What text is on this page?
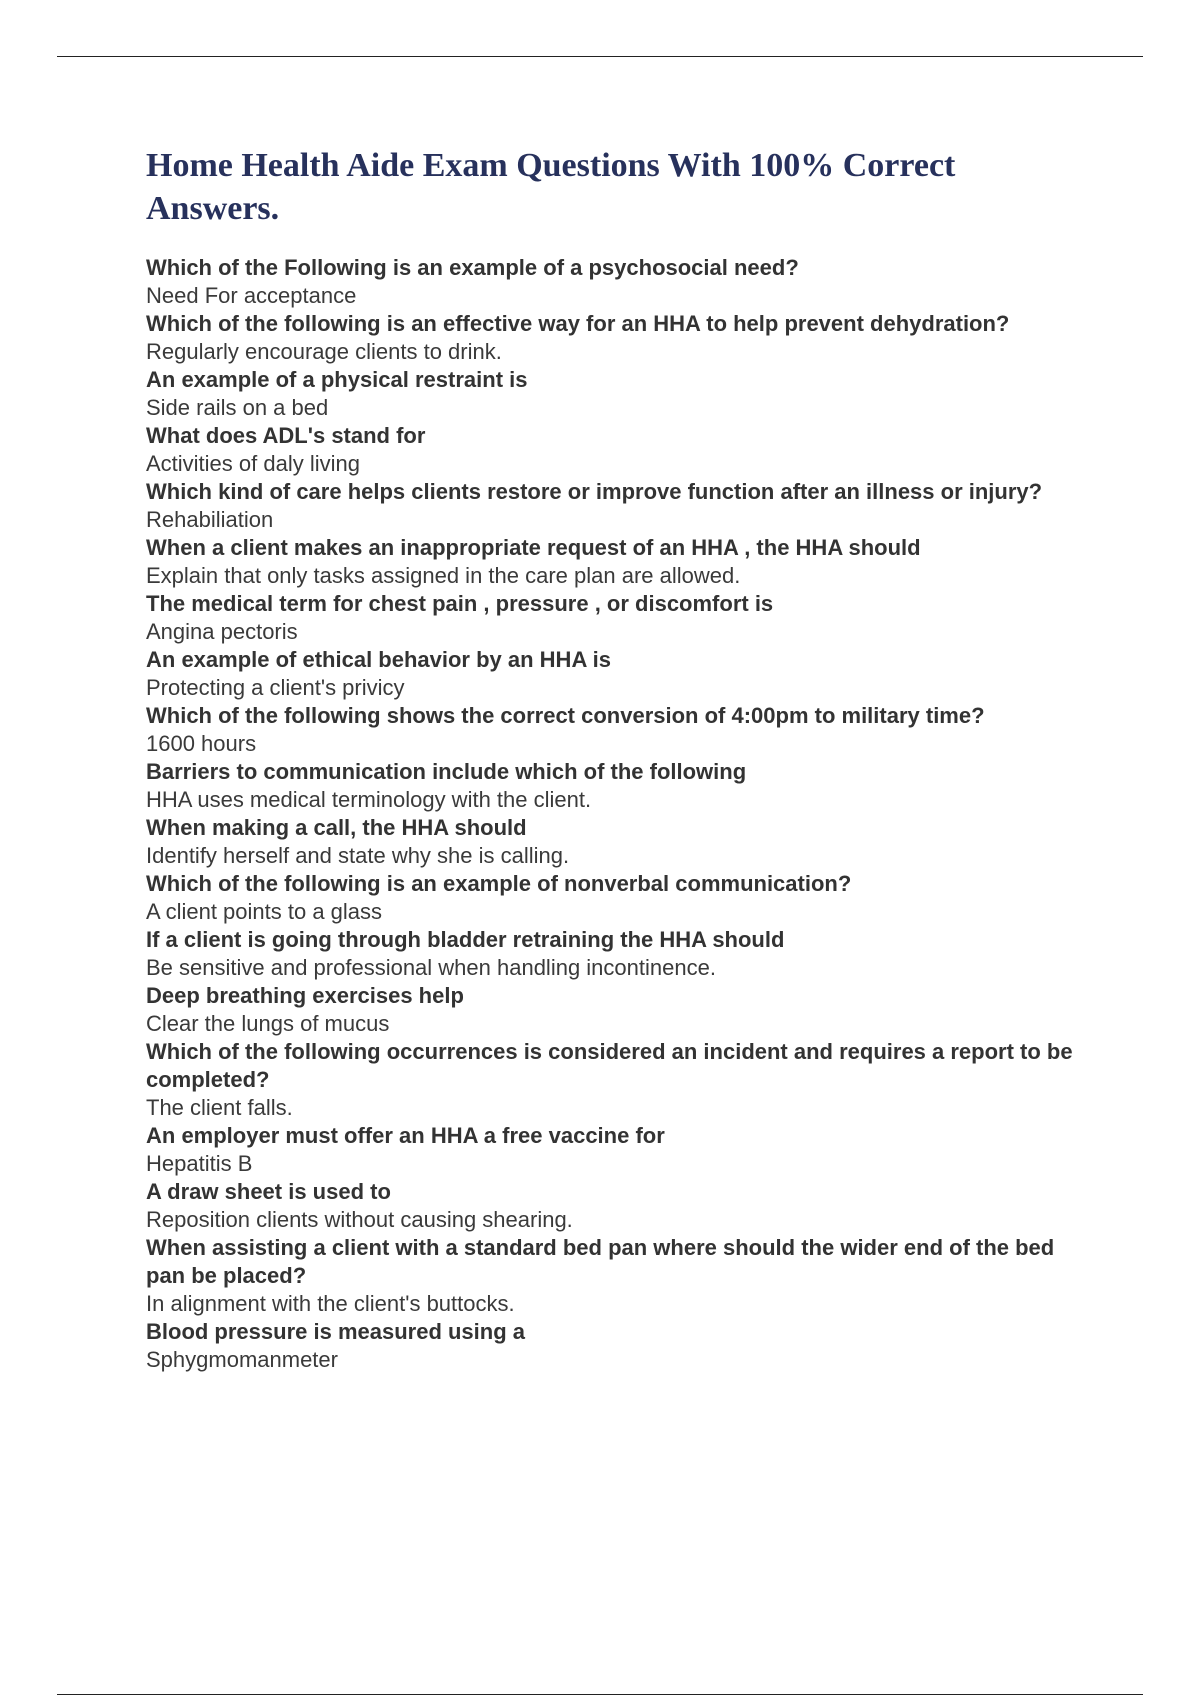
Home Health Aide Exam Questions With 100% Correct Answers.
Which of the Following is an example of a psychosocial need?
Need For acceptance
Which of the following is an effective way for an HHA to help prevent dehydration?
Regularly encourage clients to drink.
An example of a physical restraint is
Side rails on a bed
What does ADL's stand for
Activities of daly living
Which kind of care helps clients restore or improve function after an illness or injury?
Rehabiliation
When a client makes an inappropriate request of an HHA , the HHA should
Explain that only tasks assigned in the care plan are allowed.
The medical term for chest pain , pressure , or discomfort is
Angina pectoris
An example of ethical behavior by an HHA is
Protecting a client's privicy
Which of the following shows the correct conversion of 4:00pm to military time?
1600 hours
Barriers to communication include which of the following
HHA uses medical terminology with the client.
When making a call, the HHA should
Identify herself and state why she is calling.
Which of the following is an example of nonverbal communication?
A client points to a glass
If a client is going through bladder retraining the HHA should
Be sensitive and professional when handling incontinence.
Deep breathing exercises help
Clear the lungs of mucus
Which of the following occurrences is considered an incident and requires a report to be completed?
The client falls.
An employer must offer an HHA a free vaccine for
Hepatitis B
A draw sheet is used to
Reposition clients without causing shearing.
When assisting a client with a standard bed pan where should the wider end of the bed pan be placed?
In alignment with the client's buttocks.
Blood pressure is measured using a
Sphygmomanmeter
